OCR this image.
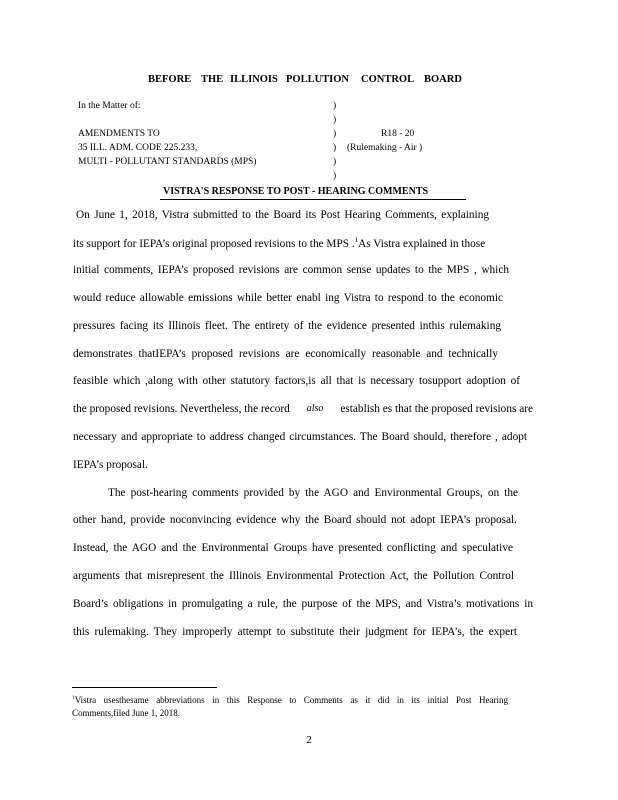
BEFORE THE ILLINOIS POLLUTION CONTROL BOARD
In the Matter of:
AMENDMENTS TO
35 ILL. ADM. CODE 225.233,
MULTI - POLLUTANT STANDARDS (MPS)
)
)
)
)
)
)
R18 - 20
(Rulemaking - Air )
VISTRA'S RESPONSE TO POST - HEARING COMMENTS
On June 1, 2018, Vistra submitted to the Board its Post Hearing Comments, explaining
its support for IEPA’s original proposed revisions to the MPS .$^1$As Vistra explained in those
initial comments, IEPA’s proposed revisions are common sense updates to the MPS , which
would reduce allowable emissions while better enabl ing Vistra to respond to the economic
pressures facing its Illinois fleet. The entirety of the evidence presented inthis rulemaking
demonstrates thatIEPA’s proposed revisions are economically reasonable and technically
feasible which ,along with other statutory factors,is all that is necessary tosupport adoption of
the proposed revisions. Nevertheless, the record also establish es that the proposed revisions are
necessary and appropriate to address changed circumstances. The Board should, therefore , adopt
IEPA’s proposal.
The post-hearing comments provided by the AGO and Environmental Groups, on the
other hand, provide noconvincing evidence why the Board should not adopt IEPA’s proposal.
Instead, the AGO and the Environmental Groups have presented conflicting and speculative
arguments that misrepresent the Illinois Environmental Protection Act, the Pollution Control
Board’s obligations in promulgating a rule, the purpose of the MPS, and Vistra’s motivations in
this rulemaking. They improperly attempt to substitute their judgment for IEPA’s, the expert
$^1$Vistra usesthesame abbreviations in this Response to Comments as it did in its initial Post Hearing
Comments,filed June 1, 2018.
2
